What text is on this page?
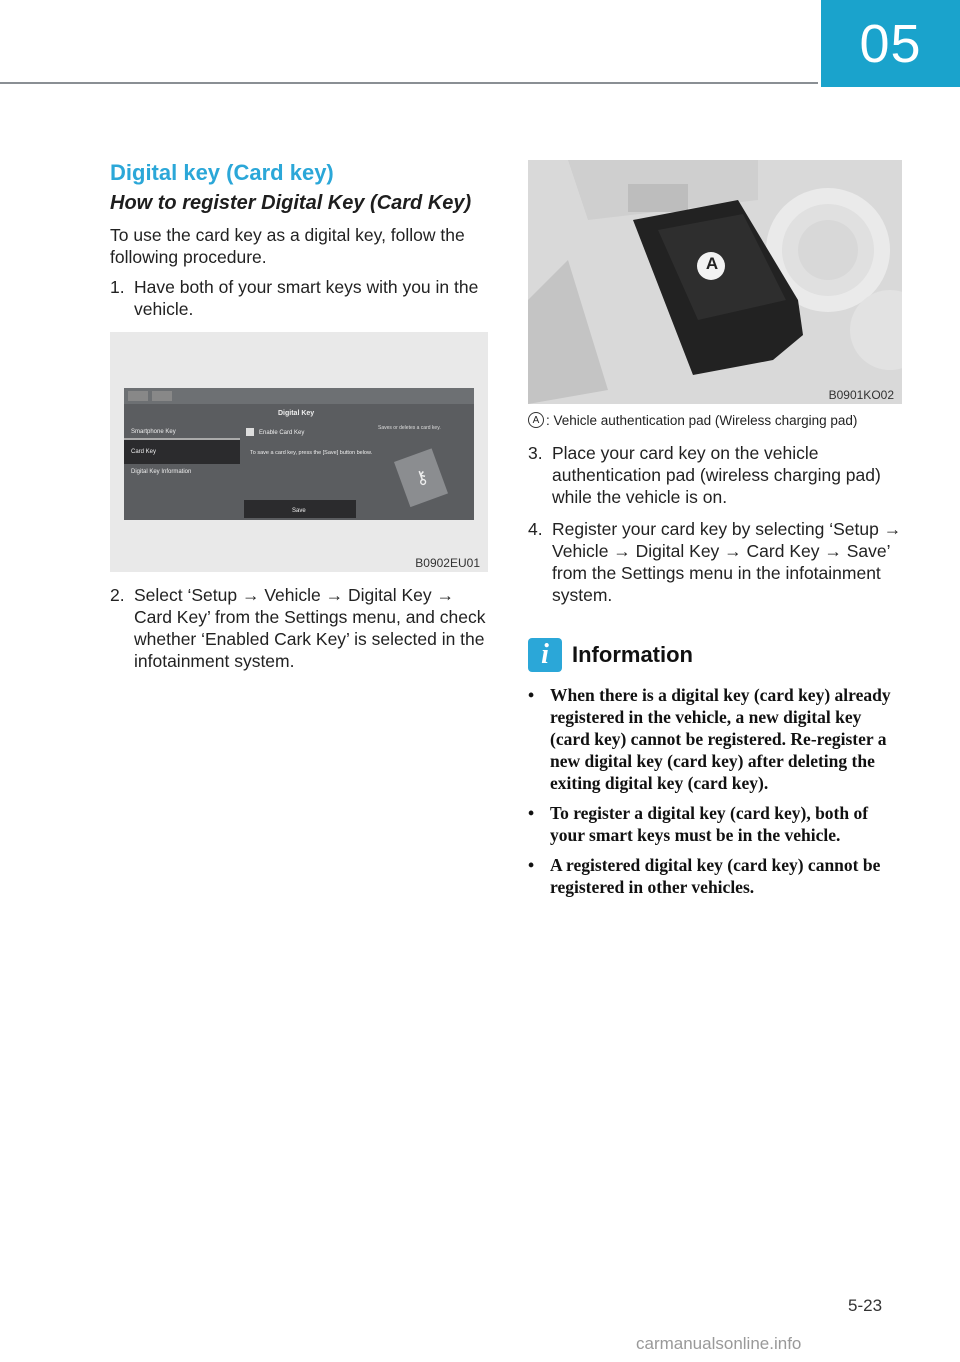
05
Digital key (Card key)
How to register Digital Key (Card Key)
To use the card key as a digital key, follow the following procedure.
1. Have both of your smart keys with you in the vehicle.
⚷
Smartphone Key
Card Key
Digital Key Information
Digital Key
Enable Card Key
To save a card key, press the [Save] button below.
Saves or deletes a card key.
Save
B0902EU01
2. Select ‘Setup → Vehicle → Digital Key → Card Key’ from the Settings menu, and check whether ‘Enabled Cark Key’ is selected in the infotainment system.
A
B0901KO02
A : Vehicle authentication pad (Wireless charging pad)
3. Place your card key on the vehicle authentication pad (wireless charging pad) while the vehicle is on.
4. Register your card key by selecting ‘Setup → Vehicle → Digital Key → Card Key → Save’ from the Settings menu in the infotainment system.
i	Information
• When there is a digital key (card key) already registered in the vehicle, a new digital key (card key) cannot be registered. Re-register a new digital key (card key) after deleting the exiting digital key (card key).
• To register a digital key (card key), both of your smart keys must be in the vehicle.
• A registered digital key (card key) cannot be registered in other vehicles.
5-23
carmanualsonline.info
